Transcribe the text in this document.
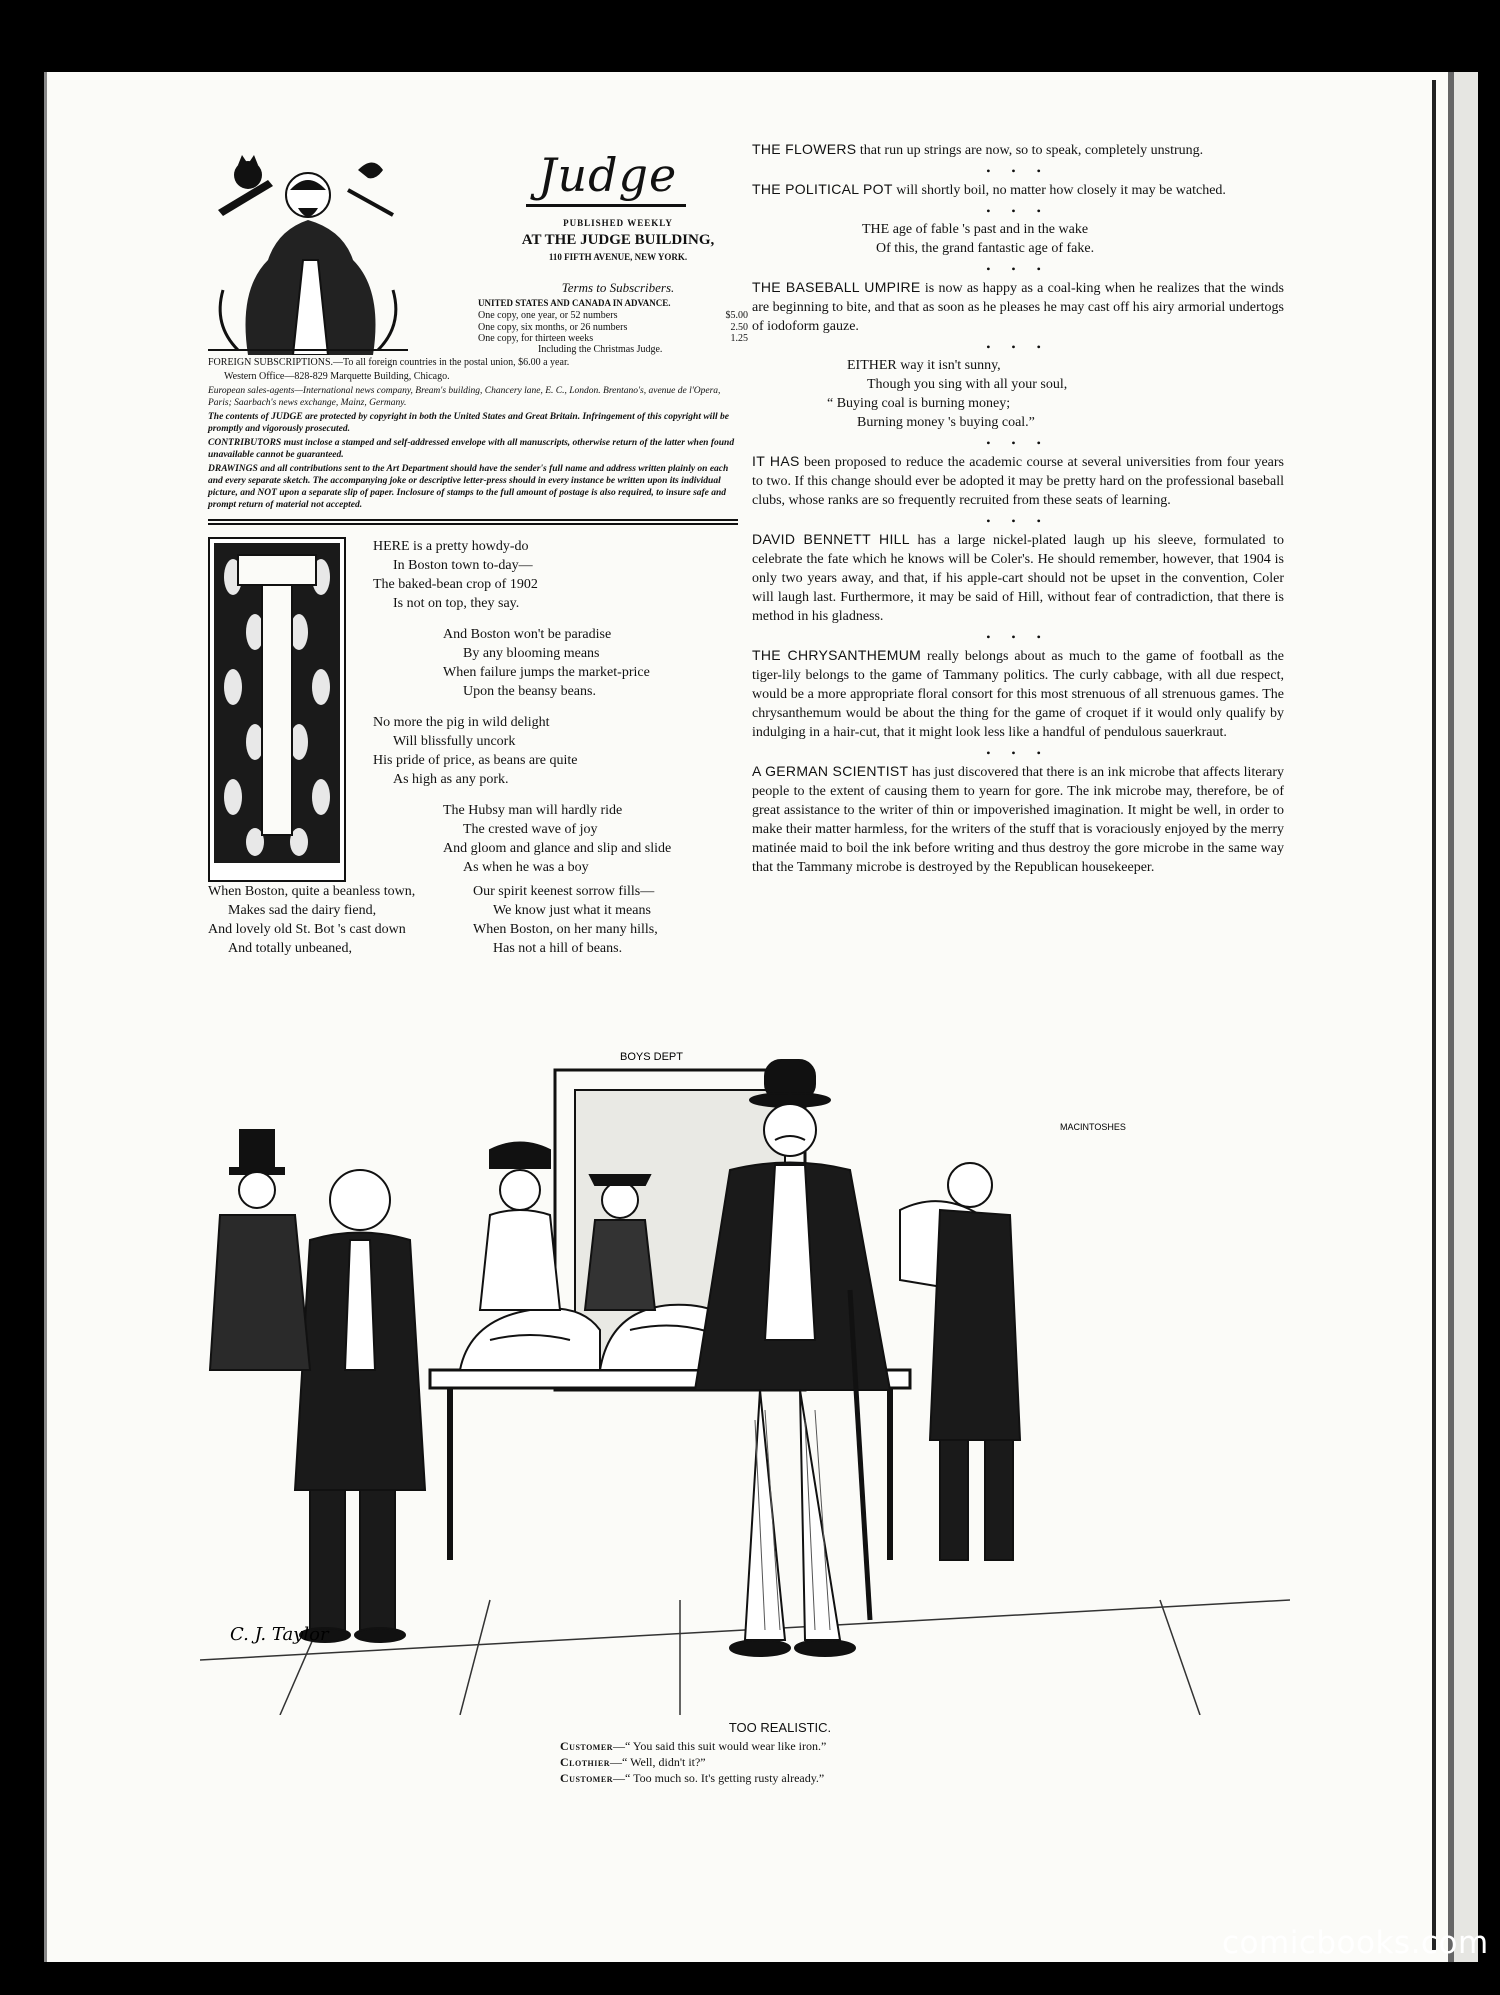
Judge
PUBLISHED WEEKLY
AT THE JUDGE BUILDING,
110 FIFTH AVENUE, NEW YORK.
Terms to Subscribers.
UNITED STATES AND CANADA IN ADVANCE.
One copy, one year, or 52 numbers	$5.00
One copy, six months, or 26 numbers	2.50
One copy, for thirteen weeks	1.25
Including the Christmas Judge.

FOREIGN SUBSCRIPTIONS.—To all foreign countries in the postal union, $6.00 a year.

Western Office—828-829 Marquette Building, Chicago.

European sales-agents—International news company, Bream's building, Chancery lane, E. C., London. Brentano's, avenue de l'Opera, Paris; Saarbach's news exchange, Mainz, Germany.

The contents of JUDGE are protected by copyright in both the United States and Great Britain. Infringement of this copyright will be promptly and vigorously prosecuted.

CONTRIBUTORS must inclose a stamped and self-addressed envelope with all manuscripts, otherwise return of the latter when found unavailable cannot be guaranteed.

DRAWINGS and all contributions sent to the Art Department should have the sender's full name and address written plainly on each and every separate sketch. The accompanying joke or descriptive letter-press should in every instance be written upon its individual picture, and NOT upon a separate slip of paper. Inclosure of stamps to the full amount of postage is also required, to insure safe and prompt return of material not accepted.

HERE is a pretty howdy-do
In Boston town to-day—
The baked-bean crop of 1902
Is not on top, they say.
And Boston won't be paradise
By any blooming means
When failure jumps the market-price
Upon the beansy beans.
No more the pig in wild delight
Will blissfully uncork
His pride of price, as beans are quite
As high as any pork.
The Hubsy man will hardly ride
The crested wave of joy
And gloom and glance and slip and slide
As when he was a boy
When Boston, quite a beanless town,
Makes sad the dairy fiend,
And lovely old St. Bot 's cast down
And totally unbeaned,
Our spirit keenest sorrow fills—
We know just what it means
When Boston, on her many hills,
Has not a hill of beans.
THE FLOWERS that run up strings are now, so to speak, completely unstrung.
• • •
THE POLITICAL POT will shortly boil, no matter how closely it may be watched.
• • •
THE age of fable 's past and in the wake
Of this, the grand fantastic age of fake.
• • •
THE BASEBALL UMPIRE is now as happy as a coal-king when he realizes that the winds are beginning to bite, and that as soon as he pleases he may cast off his airy armorial undertogs of iodoform gauze.
• • •
EITHER way it isn't sunny,
Though you sing with all your soul,
“ Buying coal is burning money;
Burning money 's buying coal.”
• • •
IT HAS been proposed to reduce the academic course at several universities from four years to two. If this change should ever be adopted it may be pretty hard on the professional baseball clubs, whose ranks are so frequently recruited from these seats of learning.
• • •
DAVID BENNETT HILL has a large nickel-plated laugh up his sleeve, formulated to celebrate the fate which he knows will be Coler's. He should remember, however, that 1904 is only two years away, and that, if his apple-cart should not be upset in the convention, Coler will laugh last. Furthermore, it may be said of Hill, without fear of contradiction, that there is method in his gladness.
• • •
THE CHRYSANTHEMUM really belongs about as much to the game of football as the tiger-lily belongs to the game of Tammany politics. The curly cabbage, with all due respect, would be a more appropriate floral consort for this most strenuous of all strenuous games. The chrysanthemum would be about the thing for the game of croquet if it would only qualify by indulging in a hair-cut, that it might look less like a handful of pendulous sauerkraut.
• • •
A GERMAN SCIENTIST has just discovered that there is an ink microbe that affects literary people to the extent of causing them to yearn for gore. The ink microbe may, therefore, be of great assistance to the writer of thin or impoverished imagination. It might be well, in order to make their matter harmless, for the writers of the stuff that is voraciously enjoyed by the merry matinée maid to boil the ink before writing and thus destroy the gore microbe in the same way that the Tammany microbe is destroyed by the Republican housekeeper.
BOYS DEPT
MACINTOSHES
C. J. Taylor
TOO REALISTIC.
Customer—“ You said this suit would wear like iron.”
Clothier—“ Well, didn't it?”
Customer—“ Too much so. It's getting rusty already.”
comicbooks.com
